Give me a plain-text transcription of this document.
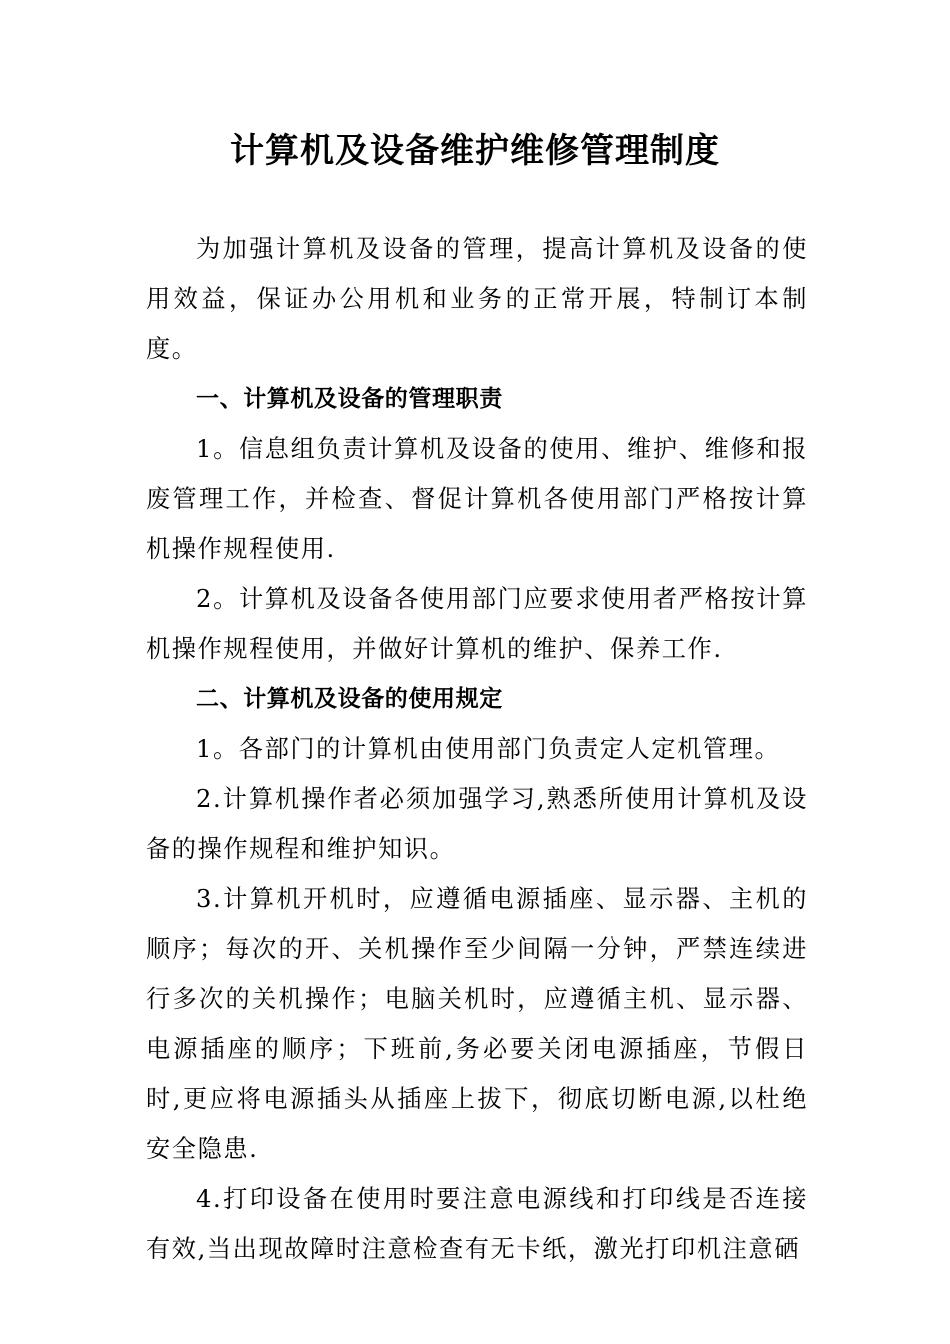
计算机及设备维护维修管理制度

为加强计算机及设备的管理，提高计算机及设备的使用效益，保证办公用机和业务的正常开展，特制订本制度。

一、计算机及设备的管理职责

1。信息组负责计算机及设备的使用、维护、维修和报废管理工作，并检查、督促计算机各使用部门严格按计算机操作规程使用.

2。计算机及设备各使用部门应要求使用者严格按计算机操作规程使用，并做好计算机的维护、保养工作.

二、计算机及设备的使用规定

1。各部门的计算机由使用部门负责定人定机管理。

2.计算机操作者必须加强学习,熟悉所使用计算机及设备的操作规程和维护知识。

3.计算机开机时，应遵循电源插座、显示器、主机的顺序；每次的开、关机操作至少间隔一分钟，严禁连续进行多次的关机操作；电脑关机时，应遵循主机、显示器、电源插座的顺序；下班前,务必要关闭电源插座，节假日时,更应将电源插头从插座上拔下，彻底切断电源,以杜绝安全隐患.

4.打印设备在使用时要注意电源线和打印线是否连接有效,当出现故障时注意检查有无卡纸，激光打印机注意硒
